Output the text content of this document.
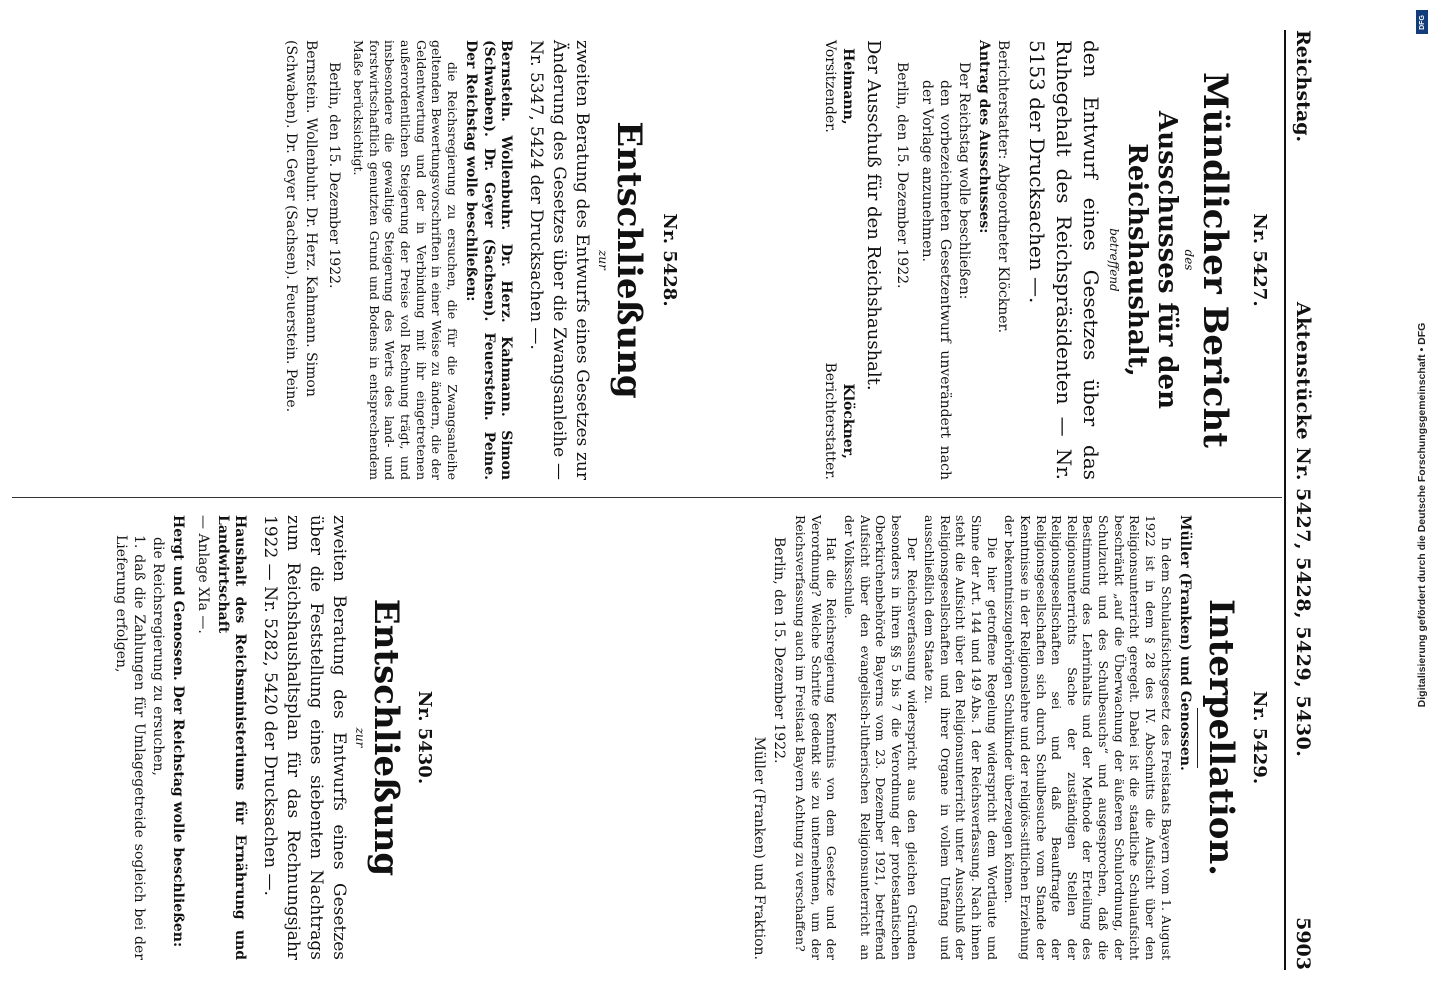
Reichstag.
Aktenstücke Nr. 5427, 5428, 5429, 5430.
5903
Nr. 5427.
Mündlicher Bericht
des
Ausschusses für den Reichshaushalt,
betreffend
den Entwurf eines Gesetzes über das Ruhegehalt des Reichspräsidenten — Nr. 5153 der Drucksachen —.
Berichterstatter: Abgeordneter Klöckner.
Antrag des Ausschusses:
Der Reichstag wolle beschließen:
den vorbezeichneten Gesetzentwurf unverändert nach der Vorlage anzunehmen.
Berlin, den 15. Dezember 1922.
Der Ausschuß für den Reichshaushalt.
Heimann,
Vorsitzender.
Klöckner,
Berichterstatter.
Nr. 5428.
Entschließung
zur
zweiten Beratung des Entwurfs eines Gesetzes zur Änderung des Gesetzes über die Zwangsanleihe — Nr. 5347, 5424 der Drucksachen —.
Bernstein. Wollenbuhr. Dr. Herz. Kahmann. Simon (Schwaben). Dr. Geyer (Sachsen). Feuerstein. Peine. Der Reichstag wolle beschließen:
die Reichsregierung zu ersuchen, die für die Zwangsanleihe geltenden Bewertungsvorschriften in einer Weise zu ändern, die der Geldentwertung und der in Verbindung mit ihr eingetretenen außerordentlichen Steigerung der Preise voll Rechnung trägt, und insbesondere die gewaltige Steigerung des Werts des land- und forstwirtschaftlich genutzten Grund und Bodens in entsprechendem Maße berücksichtigt.
Berlin, den 15. Dezember 1922.
Bernstein. Wollenbuhr. Dr. Herz. Kahmann. Simon
(Schwaben). Dr. Geyer (Sachsen). Feuerstein. Peine.
Nr. 5429.
Interpellation.
Müller (Franken) und Genossen.
In dem Schulaufsichtsgesetz des Freistaats Bayern vom 1. August 1922 ist in dem § 28 des IV. Abschnitts die Aufsicht über den Religionsunterricht geregelt. Dabei ist die staatliche Schulaufsicht beschränkt „auf die Überwachung der äußeren Schulordnung, der Schulzucht und des Schulbesuchs“ und ausgesprochen, daß die Bestimmung des Lehrinhalts und der Methode der Erteilung des Religionsunterrichts Sache der zuständigen Stellen der Religionsgesellschaften sei und daß Beauftragte der Religionsgesellschaften sich durch Schulbesuche vom Stande der Kenntnisse in der Religionslehre und der religiös-sittlichen Erziehung der bekenntniszugehörigen Schulkinder überzeugen können.
Die hier getroffene Regelung widerspricht dem Wortlaute und Sinne der Art. 144 und 149 Abs. 1 der Reichsverfassung. Nach ihnen steht die Aufsicht über den Religionsunterricht unter Ausschluß der Religionsgesellschaften und ihrer Organe in vollem Umfang und ausschließlich dem Staate zu.
Der Reichsverfassung widerspricht aus den gleichen Gründen besonders in ihren §§ 5 bis 7 die Verordnung der protestantischen Oberkirchenbehörde Bayerns vom 23. Dezember 1921, betreffend Aufsicht über den evangelisch-lutherischen Religionsunterricht an der Volksschule.
Hat die Reichsregierung Kenntnis von dem Gesetze und der Verordnung? Welche Schritte gedenkt sie zu unternehmen, um der Reichsverfassung auch im Freistaat Bayern Achtung zu verschaffen?
Berlin, den 15. Dezember 1922.
Müller (Franken) und Fraktion.
Nr. 5430.
Entschließung
zur
zweiten Beratung des Entwurfs eines Gesetzes über die Feststellung eines siebenten Nachtrags zum Reichshaushaltsplan für das Rechnungsjahr 1922 — Nr. 5282, 5420 der Drucksachen —.
Haushalt des Reichsministeriums für Ernährung und Landwirtschaft
— Anlage XIa —.
Hergt und Genossen. Der Reichstag wolle beschließen:
die Reichsregierung zu ersuchen,
1. daß die Zahlungen für Umlagegetreide sogleich bei der Lieferung erfolgen,
DFG
Digitalisierung gefördert durch die Deutsche Forschungsgemeinschaft • DFG
